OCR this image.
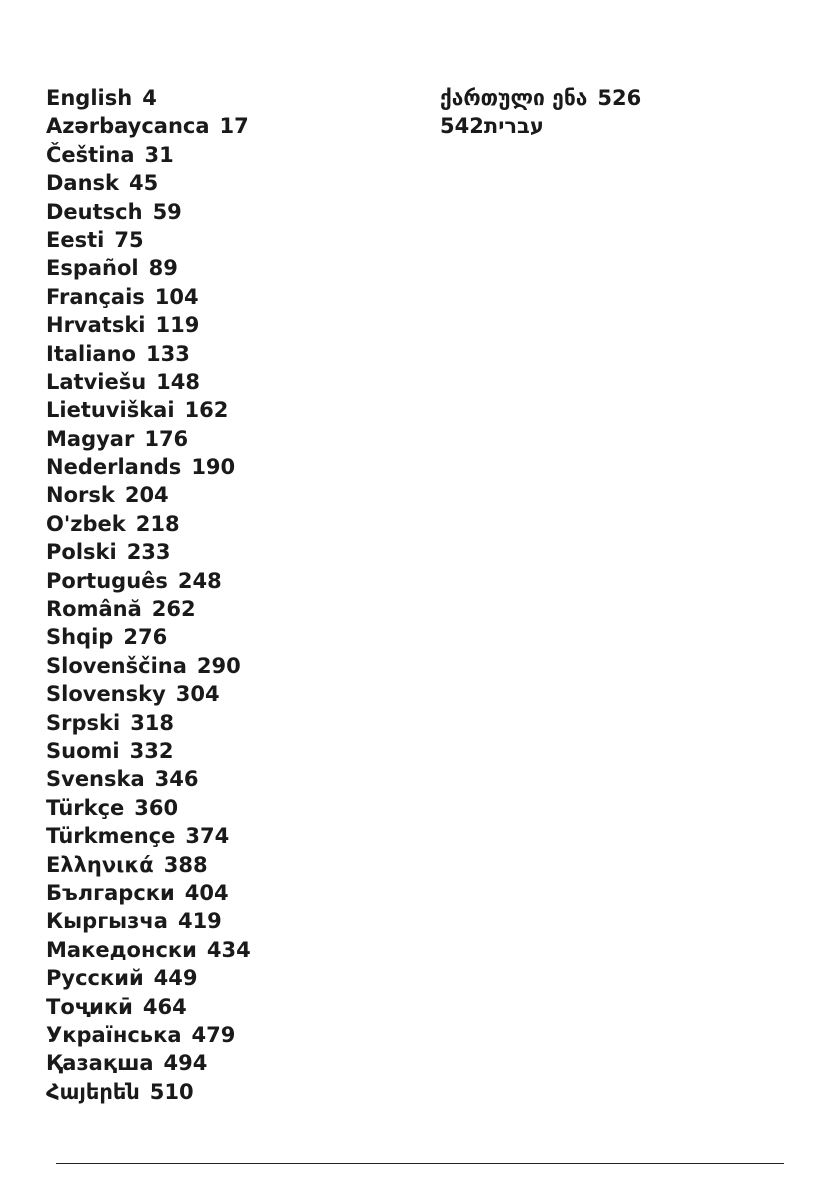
English 4
Azərbaycanca 17
Čeština 31
Dansk 45
Deutsch 59
Eesti 75
Español 89
Français 104
Hrvatski 119
Italiano 133
Latviešu 148
Lietuviškai 162
Magyar 176
Nederlands 190
Norsk 204
O'zbek 218
Polski 233
Português 248
Română 262
Shqip 276
Slovenščina 290
Slovensky 304
Srpski 318
Suomi 332
Svenska 346
Türkçe 360
Türkmençe 374
Ελληνικά 388
Български 404
Кыргызча 419
Македонски 434
Русский 449
Тоҷикӣ 464
Українська 479
Қазақша 494
Հայերեն 510
ქართული ენა 526
עברית542
